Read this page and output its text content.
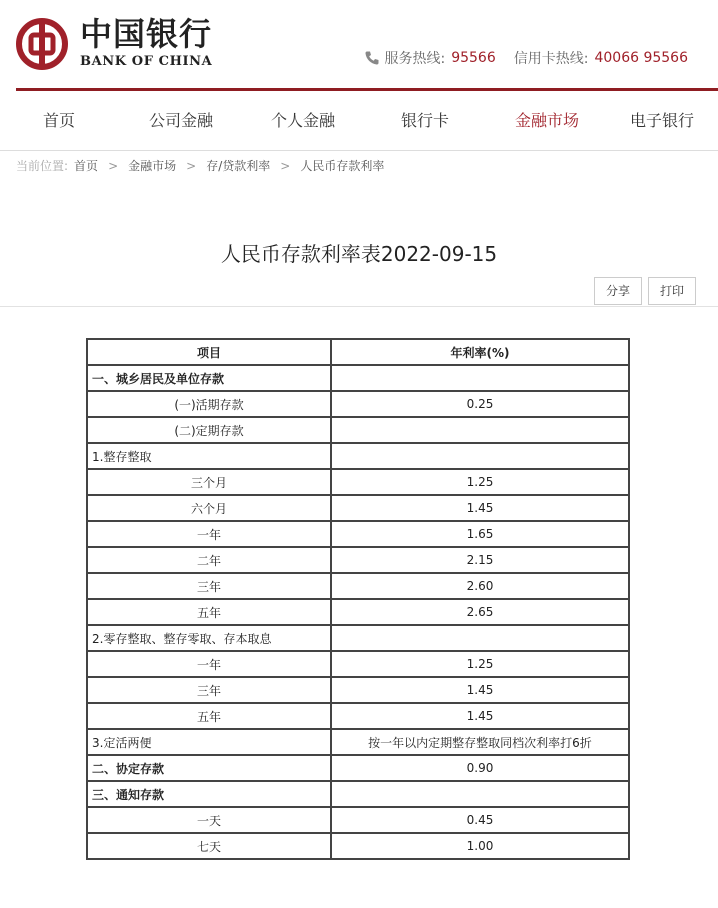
中国银行
BANK OF CHINA	服务热线: 95566 信用卡热线: 40066 95566
首页	公司金融	个人金融	银行卡	金融市场	电子银行
当前位置: 首页 > 金融市场 > 存/贷款利率 > 人民币存款利率
人民币存款利率表2022-09-15
分享	打印
项目	年利率(%)
一、城乡居民及单位存款	
(一)活期存款	0.25
(二)定期存款	
1.整存整取	
三个月	1.25
六个月	1.45
一年	1.65
二年	2.15
三年	2.60
五年	2.65
2.零存整取、整存零取、存本取息	
一年	1.25
三年	1.45
五年	1.45
3.定活两便	按一年以内定期整存整取同档次利率打6折
二、协定存款	0.90
三、通知存款	
一天	0.45
七天	1.00
